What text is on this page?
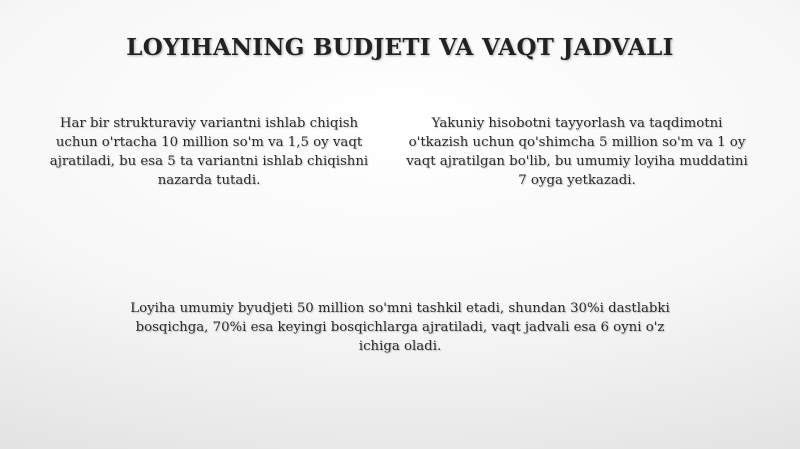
LOYIHANING BUDJETI VA VAQT JADVALI

Har bir strukturaviy variantni ishlab chiqish uchun o'rtacha 10 million so'm va 1,5 oy vaqt ajratiladi, bu esa 5 ta variantni ishlab chiqishni nazarda tutadi.

Yakuniy hisobotni tayyorlash va taqdimotni o'tkazish uchun qo'shimcha 5 million so'm va 1 oy vaqt ajratilgan bo'lib, bu umumiy loyiha muddatini 7 oyga yetkazadi.

Loyiha umumiy byudjeti 50 million so'mni tashkil etadi, shundan 30%i dastlabki bosqichga, 70%i esa keyingi bosqichlarga ajratiladi, vaqt jadvali esa 6 oyni o'z ichiga oladi.
